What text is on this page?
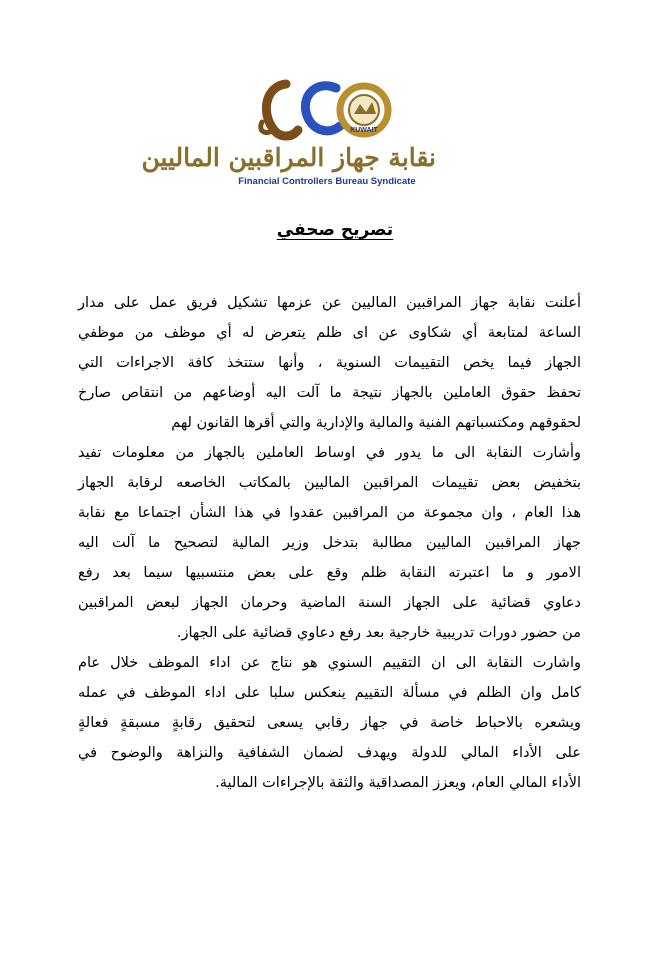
KUWAIT
نقابة جهاز المراقبين الماليين
Financial Controllers Bureau Syndicate
تصريح صحفي
أعلنت نقابة جهاز المراقبين الماليين عن عزمها تشكيل فريق عمل على مدار
الساعة لمتابعة أي شكاوى عن اى ظلم يتعرض له أي موظف من موظفي
الجهاز فيما يخص التقييمات السنوية ، وأنها ستتخذ كافة الاجراءات التي
تحفظ حقوق العاملين بالجهاز نتيجة ما آلت اليه أوضاعهم من انتقاص صارخ
لحقوقهم ومكتسباتهم الفنية والمالية والإدارية والتي أقرها القانون لهم
وأشارت النقابة الى ما يدور في اوساط العاملين بالجهاز من معلومات تفيد
بتخفيض بعض تقييمات المراقبين الماليين بالمكاتب الخاصعه لرقابة الجهاز
هذا العام ، وان مجموعة من المراقبين عقدوا في هذا الشأن اجتماعا مع نقابة
جهاز المراقبين الماليين مطالبة بتدخل وزير المالية لتصحيح ما آلت اليه
الامور و ما اعتبرته النقابة ظلم وقع على بعض منتسبيها سيما بعد رفع
دعاوي قضائية على الجهاز السنة الماضية وحرمان الجهاز لبعض المراقبين
من حضور دورات تدريبية خارجية بعد رفع دعاوي قضائية على الجهاز.
واشارت النقابة الى ان التقييم السنوي هو نتاج عن اداء الموظف خلال عام
كامل وان الظلم في مسألة التقييم ينعكس سلبا على اداء الموظف في عمله
ويشعره بالاحباط خاصة في جهاز رقابي يسعى لتحقيق رقابةٍ مسبقةٍ فعالةٍ
على الأداء المالي للدولة ويهدف لضمان الشفافية والنزاهة والوضوح في
الأداء المالي العام، ويعزز المصداقية والثقة بالإجراءات المالية.
